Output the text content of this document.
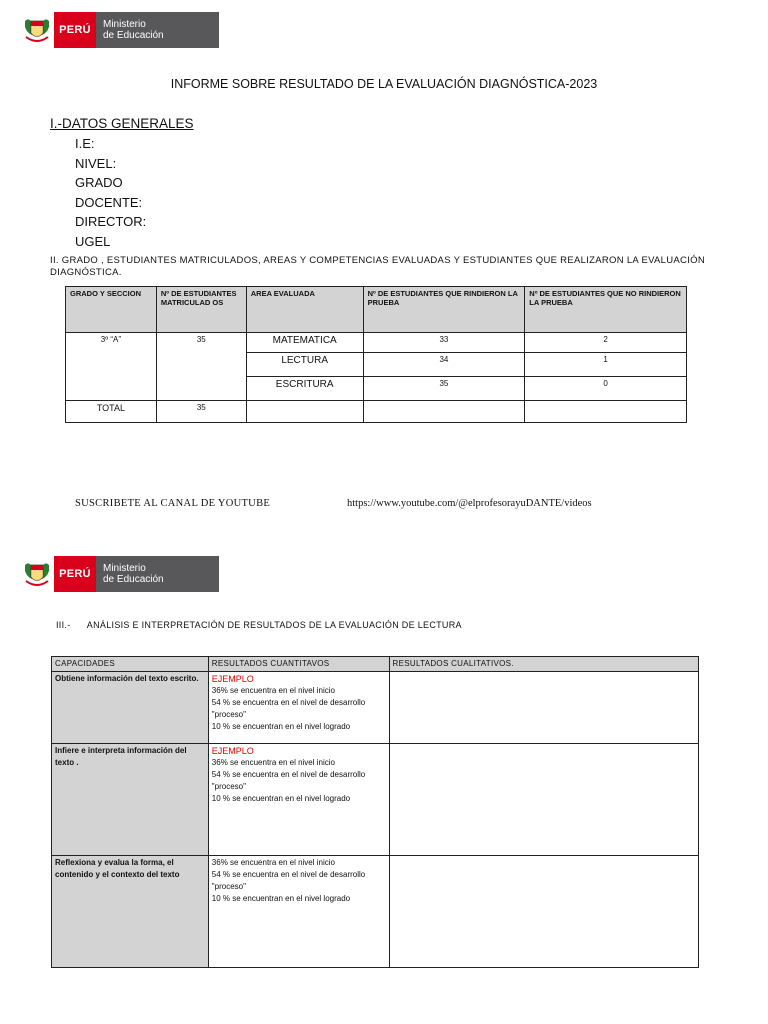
PERÚ	Ministerio
de Educación
INFORME SOBRE RESULTADO DE LA EVALUACIÓN DIAGNÓSTICA-2023
I.-DATOS GENERALES
I.E:
NIVEL:
GRADO
DOCENTE:
DIRECTOR:
UGEL
II. GRADO , ESTUDIANTES MATRICULADOS, AREAS Y COMPETENCIAS EVALUADAS Y ESTUDIANTES QUE REALIZARON LA EVALUACIÓN DIAGNÓSTICA.
GRADO Y SECCION	Nº DE ESTUDIANTES MATRICULAD OS	AREA EVALUADA	Nº DE ESTUDIANTES QUE RINDIERON LA PRUEBA	Nº DE ESTUDIANTES QUE NO RINDIERON LA PRUEBA
3º “A”	35	MATEMATICA	33	2
		LECTURA	34	1
		ESCRITURA	35	0
TOTAL	35			
SUSCRIBETE AL CANAL DE YOUTUBE	https://www.youtube.com/@elprofesorayuDANTE/videos
PERÚ	Ministerio
de Educación
III.-      ANÁLISIS E INTERPRETACIÓN DE RESULTADOS DE LA EVALUACIÓN DE LECTURA
CAPACIDADES	RESULTADOS CUANTITAVOS	RESULTADOS CUALITATIVOS.
Obtiene información del texto escrito.	EJEMPLO
36% se encuentra en el nivel inicio
54 % se encuentra en el nivel de desarrollo "proceso"
10 % se encuentran en el nivel logrado	

Infiere e interpreta información del texto .	EJEMPLO
36% se encuentra en el nivel inicio
54 % se encuentra en el nivel de desarrollo "proceso"
10 % se encuentran en el nivel logrado	

Reflexiona y evalua la forma, el contenido y el contexto del texto	36% se encuentra en el nivel inicio
54 % se encuentra en el nivel de desarrollo "proceso"
10 % se encuentran en el nivel logrado	
